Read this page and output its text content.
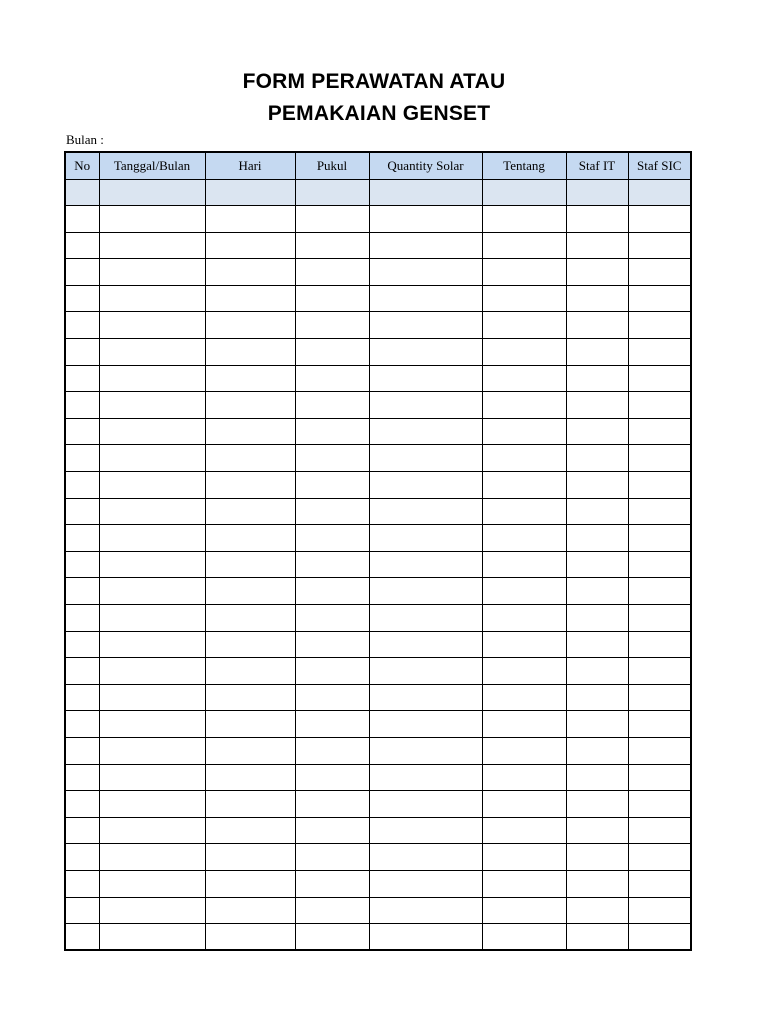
FORM PERAWATAN ATAU
PEMAKAIAN GENSET
Bulan :
No	Tanggal/Bulan	Hari	Pukul	Quantity Solar	Tentang	Staf IT	Staf SIC
